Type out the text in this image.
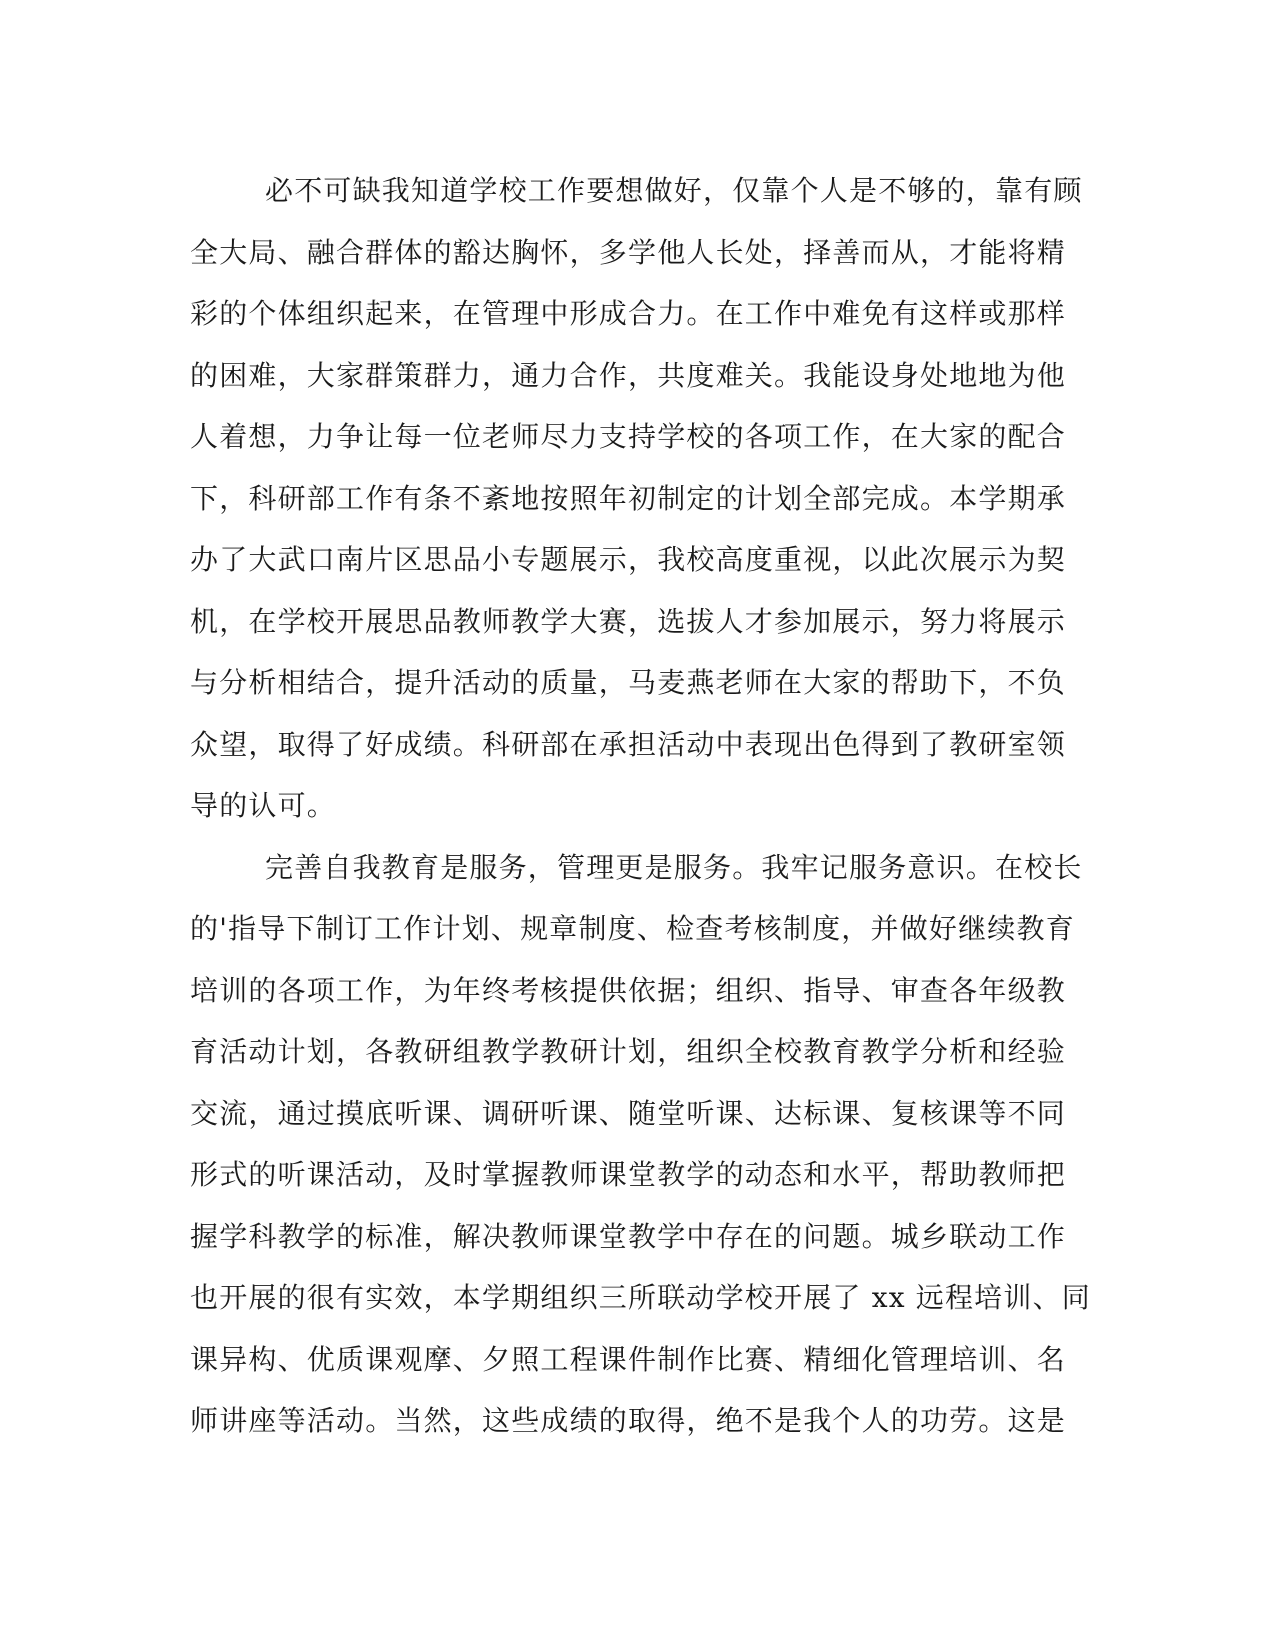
必不可缺我知道学校工作要想做好，仅靠个人是不够的，靠有顾
全大局、融合群体的豁达胸怀，多学他人长处，择善而从，才能将精
彩的个体组织起来，在管理中形成合力。在工作中难免有这样或那样
的困难，大家群策群力，通力合作，共度难关。我能设身处地地为他
人着想，力争让每一位老师尽力支持学校的各项工作，在大家的配合
下，科研部工作有条不紊地按照年初制定的计划全部完成。本学期承
办了大武口南片区思品小专题展示，我校高度重视，以此次展示为契
机，在学校开展思品教师教学大赛，选拔人才参加展示，努力将展示
与分析相结合，提升活动的质量，马麦燕老师在大家的帮助下，不负
众望，取得了好成绩。科研部在承担活动中表现出色得到了教研室领
导的认可。
完善自我教育是服务，管理更是服务。我牢记服务意识。在校长
的'指导下制订工作计划、规章制度、检查考核制度，并做好继续教育
培训的各项工作，为年终考核提供依据；组织、指导、审查各年级教
育活动计划，各教研组教学教研计划，组织全校教育教学分析和经验
交流，通过摸底听课、调研听课、随堂听课、达标课、复核课等不同
形式的听课活动，及时掌握教师课堂教学的动态和水平，帮助教师把
握学科教学的标准，解决教师课堂教学中存在的问题。城乡联动工作
也开展的很有实效，本学期组织三所联动学校开展了 xx 远程培训、同
课异构、优质课观摩、夕照工程课件制作比赛、精细化管理培训、名
师讲座等活动。当然，这些成绩的取得，绝不是我个人的功劳。这是
